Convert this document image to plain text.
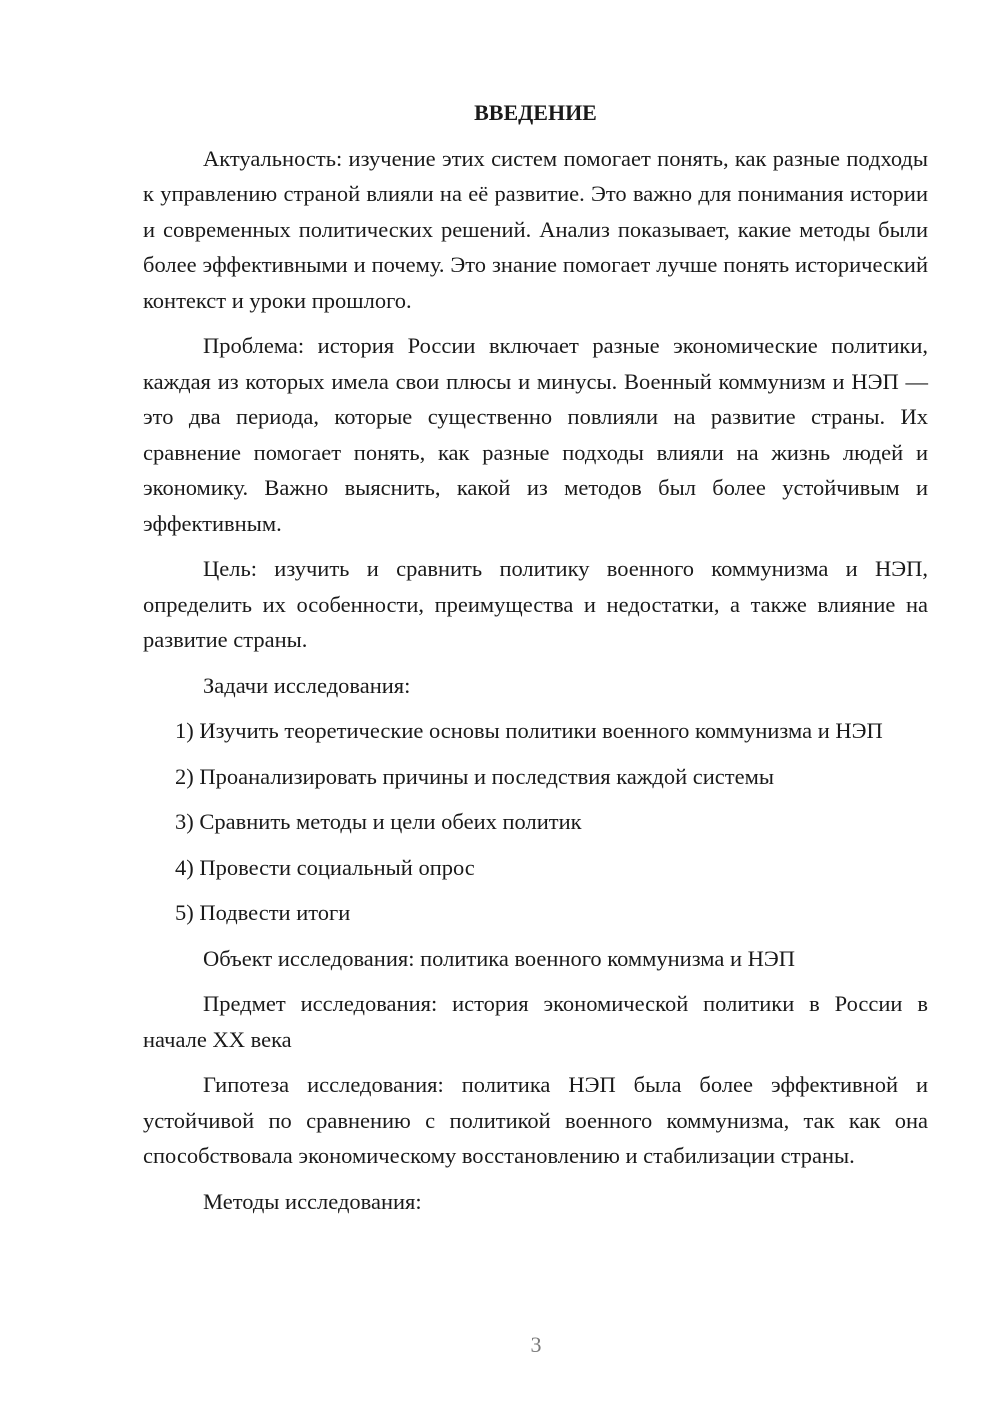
ВВЕДЕНИЕ

Актуальность: изучение этих систем помогает понять, как разные подходы к управлению страной влияли на её развитие. Это важно для понимания истории и современных политических решений. Анализ показывает, какие методы были более эффективными и почему. Это знание помогает лучше понять исторический контекст и уроки прошлого.

Проблема: история России включает разные экономические политики, каждая из которых имела свои плюсы и минусы. Военный коммунизм и НЭП — это два периода, которые существенно повлияли на развитие страны. Их сравнение помогает понять, как разные подходы влияли на жизнь людей и экономику. Важно выяснить, какой из методов был более устойчивым и эффективным.

Цель: изучить и сравнить политику военного коммунизма и НЭП, определить их особенности, преимущества и недостатки, а также влияние на развитие страны.

Задачи исследования:

1) Изучить теоретические основы политики военного коммунизма и НЭП

2) Проанализировать причины и последствия каждой системы

3) Сравнить методы и цели обеих политик

4) Провести социальный опрос

5) Подвести итоги

Объект исследования: политика военного коммунизма и НЭП

Предмет исследования: история экономической политики в России в начале XX века

Гипотеза исследования: политика НЭП была более эффективной и устойчивой по сравнению с политикой военного коммунизма, так как она способствовала экономическому восстановлению и стабилизации страны.

Методы исследования:

3
